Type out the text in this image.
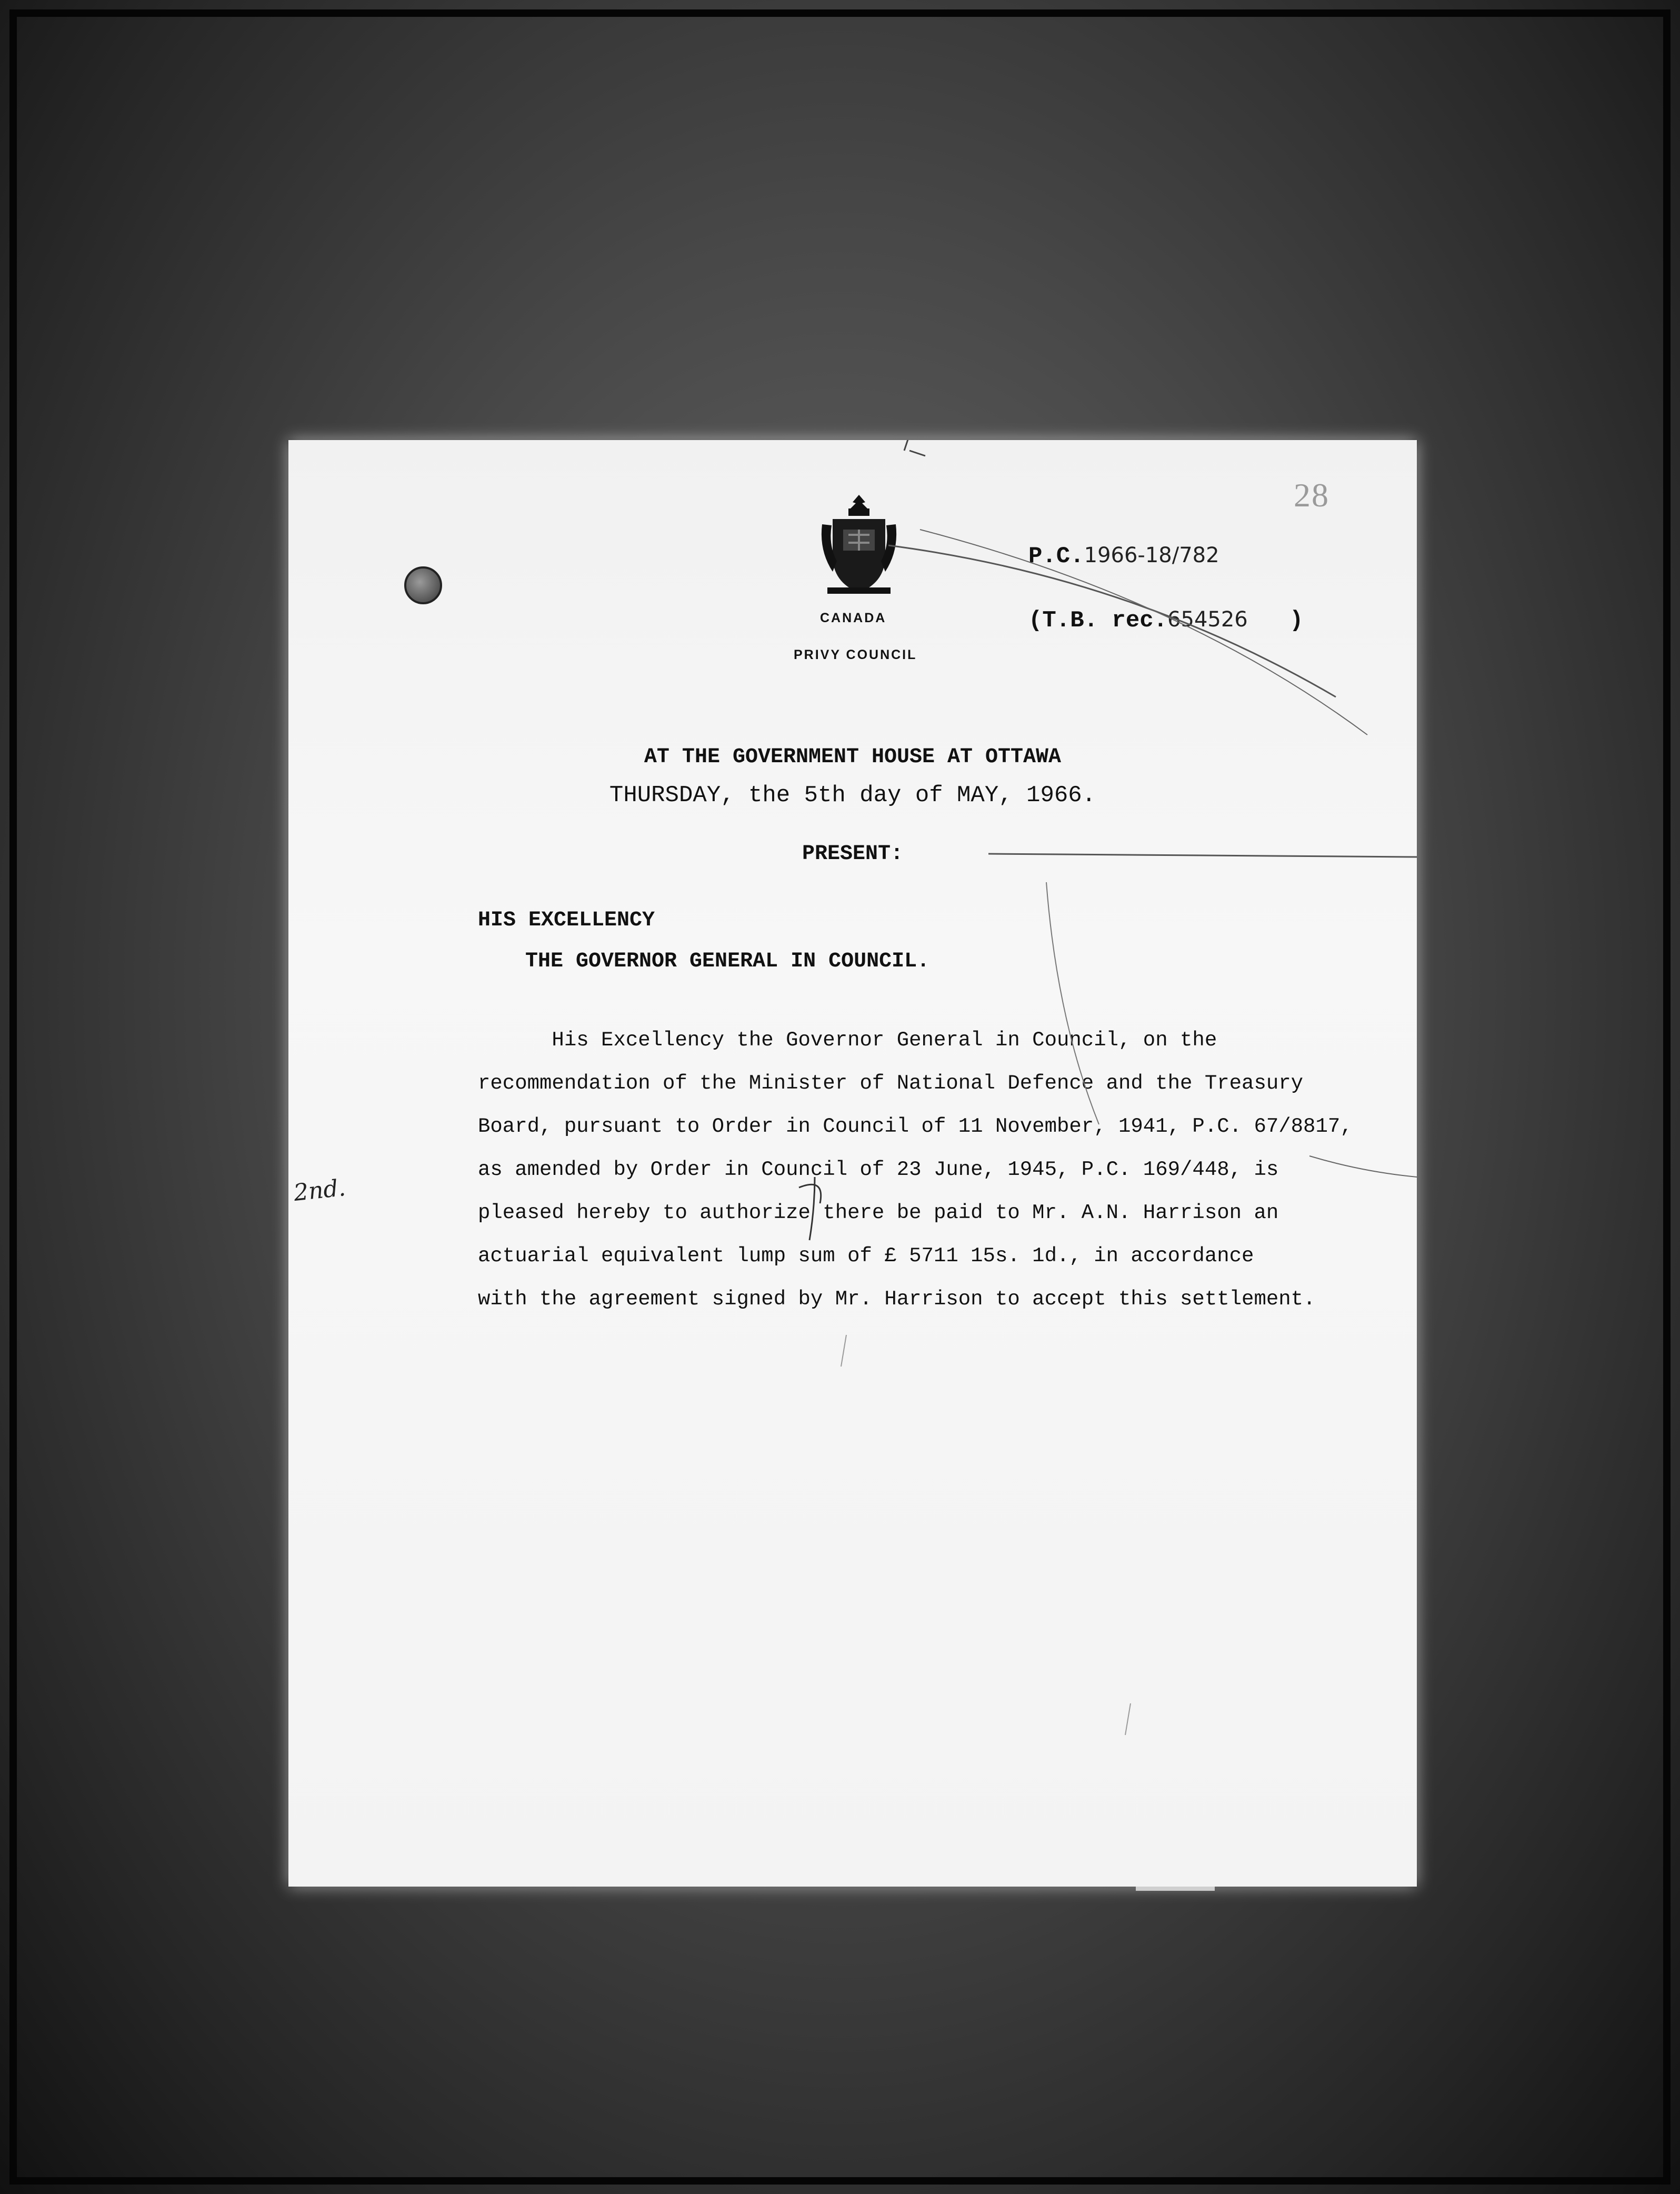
28
CANADA
PRIVY COUNCIL
P.C.1966-18/782
(T.B. rec.654526 )
AT THE GOVERNMENT HOUSE AT OTTAWA
THURSDAY, the 5th day of MAY, 1966.
PRESENT:
HIS EXCELLENCY
THE GOVERNOR GENERAL IN COUNCIL.
His Excellency the Governor General in Council, on the
recommendation of the Minister of National Defence and the Treasury
Board, pursuant to Order in Council of 11 November, 1941, P.C. 67/8817,
as amended by Order in Council of 23 June, 1945, P.C. 169/448, is
pleased hereby to authorize there be paid to Mr. A.N. Harrison an
actuarial equivalent lump sum of £ 5711 15s. 1d., in accordance
with the agreement signed by Mr. Harrison to accept this settlement.
2nd.
